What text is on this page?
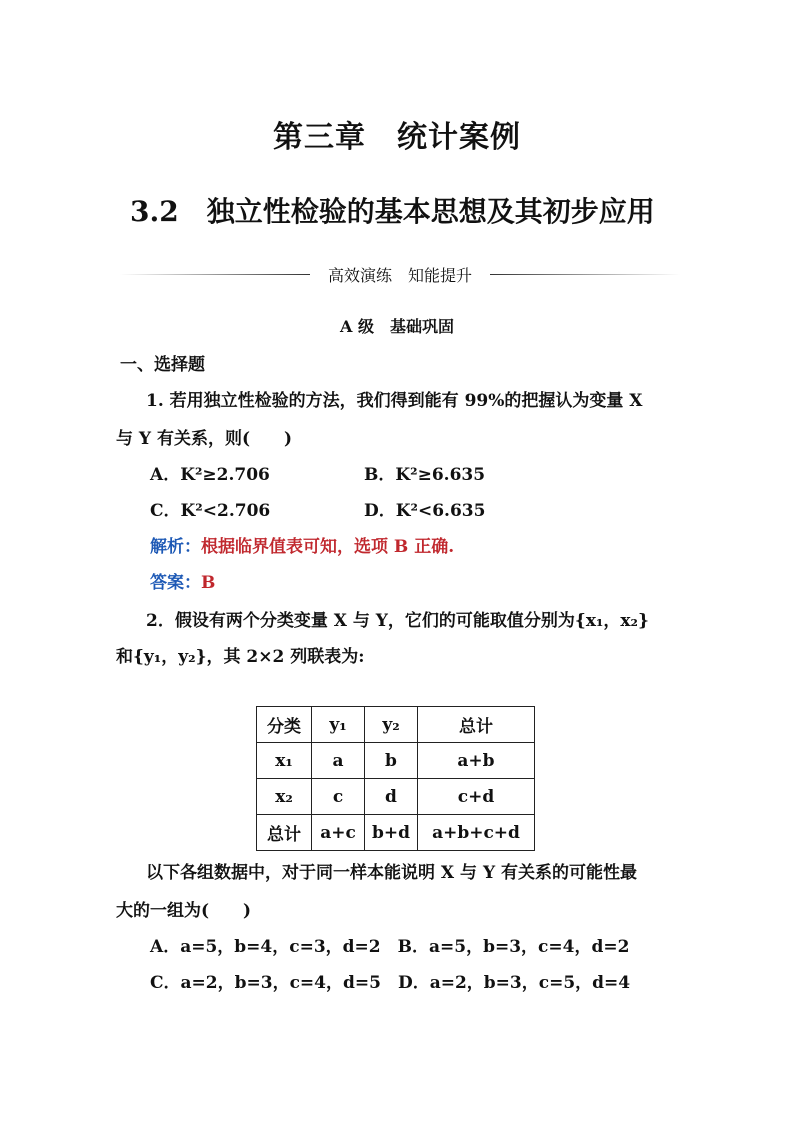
第三章　统计案例
3.2 独立性检验的基本思想及其初步应用
高效演练　知能提升
A 级　基础巩固
一、选择题
1. 若用独立性检验的方法，我们得到能有 99%的把握认为变量 X
与 Y 有关系，则(　　)
A．K²≥2.706	B．K²≥6.635
C．K²<2.706	D．K²<6.635
解析：根据临界值表可知，选项 B 正确.
答案：B
2．假设有两个分类变量 X 与 Y，它们的可能取值分别为{x₁，x₂}
和{y₁，y₂}，其 2×2 列联表为:
分类	y₁	y₂	总计
x₁	a	b	a+b
x₂	c	d	c+d
总计	a+c	b+d	a+b+c+d
以下各组数据中，对于同一样本能说明 X 与 Y 有关系的可能性最
大的一组为(　　)
A．a=5，b=4，c=3，d=2　B．a=5，b=3，c=4，d=2
C．a=2，b=3，c=4，d=5　D．a=2，b=3，c=5，d=4
